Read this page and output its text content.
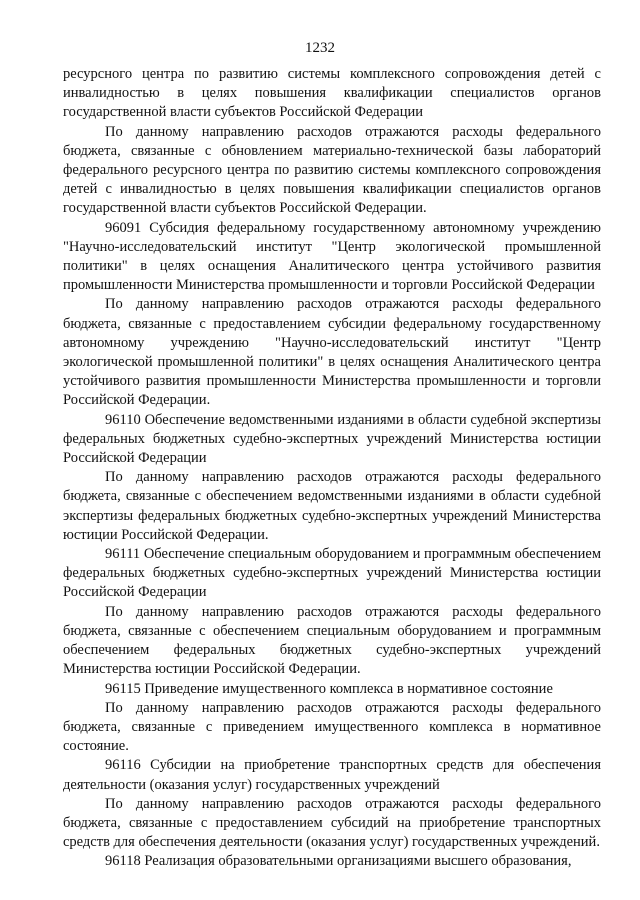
1232

ресурсного центра по развитию системы комплексного сопровождения детей с инвалидностью в целях повышения квалификации специалистов органов государственной власти субъектов Российской Федерации

По данному направлению расходов отражаются расходы федерального бюджета, связанные с обновлением материально-технической базы лабораторий федерального ресурсного центра по развитию системы комплексного сопровождения детей с инвалидностью в целях повышения квалификации специалистов органов государственной власти субъектов Российской Федерации.

96091 Субсидия федеральному государственному автономному учреждению "Научно-исследовательский институт "Центр экологической промышленной политики" в целях оснащения Аналитического центра устойчивого развития промышленности Министерства промышленности и торговли Российской Федерации

По данному направлению расходов отражаются расходы федерального бюджета, связанные с предоставлением субсидии федеральному государственному автономному учреждению "Научно-исследовательский институт "Центр экологической промышленной политики" в целях оснащения Аналитического центра устойчивого развития промышленности Министерства промышленности и торговли Российской Федерации.

96110 Обеспечение ведомственными изданиями в области судебной экспертизы федеральных бюджетных судебно-экспертных учреждений Министерства юстиции Российской Федерации

По данному направлению расходов отражаются расходы федерального бюджета, связанные с обеспечением ведомственными изданиями в области судебной экспертизы федеральных бюджетных судебно-экспертных учреждений Министерства юстиции Российской Федерации.

96111 Обеспечение специальным оборудованием и программным обеспечением федеральных бюджетных судебно-экспертных учреждений Министерства юстиции Российской Федерации

По данному направлению расходов отражаются расходы федерального бюджета, связанные с обеспечением специальным оборудованием и программным обеспечением федеральных бюджетных судебно-экспертных учреждений Министерства юстиции Российской Федерации.

96115 Приведение имущественного комплекса в нормативное состояние

По данному направлению расходов отражаются расходы федерального бюджета, связанные с приведением имущественного комплекса в нормативное состояние.

96116 Субсидии на приобретение транспортных средств для обеспечения деятельности (оказания услуг) государственных учреждений

По данному направлению расходов отражаются расходы федерального бюджета, связанные с предоставлением субсидий на приобретение транспортных средств для обеспечения деятельности (оказания услуг) государственных учреждений.

96118 Реализация образовательными организациями высшего образования,
